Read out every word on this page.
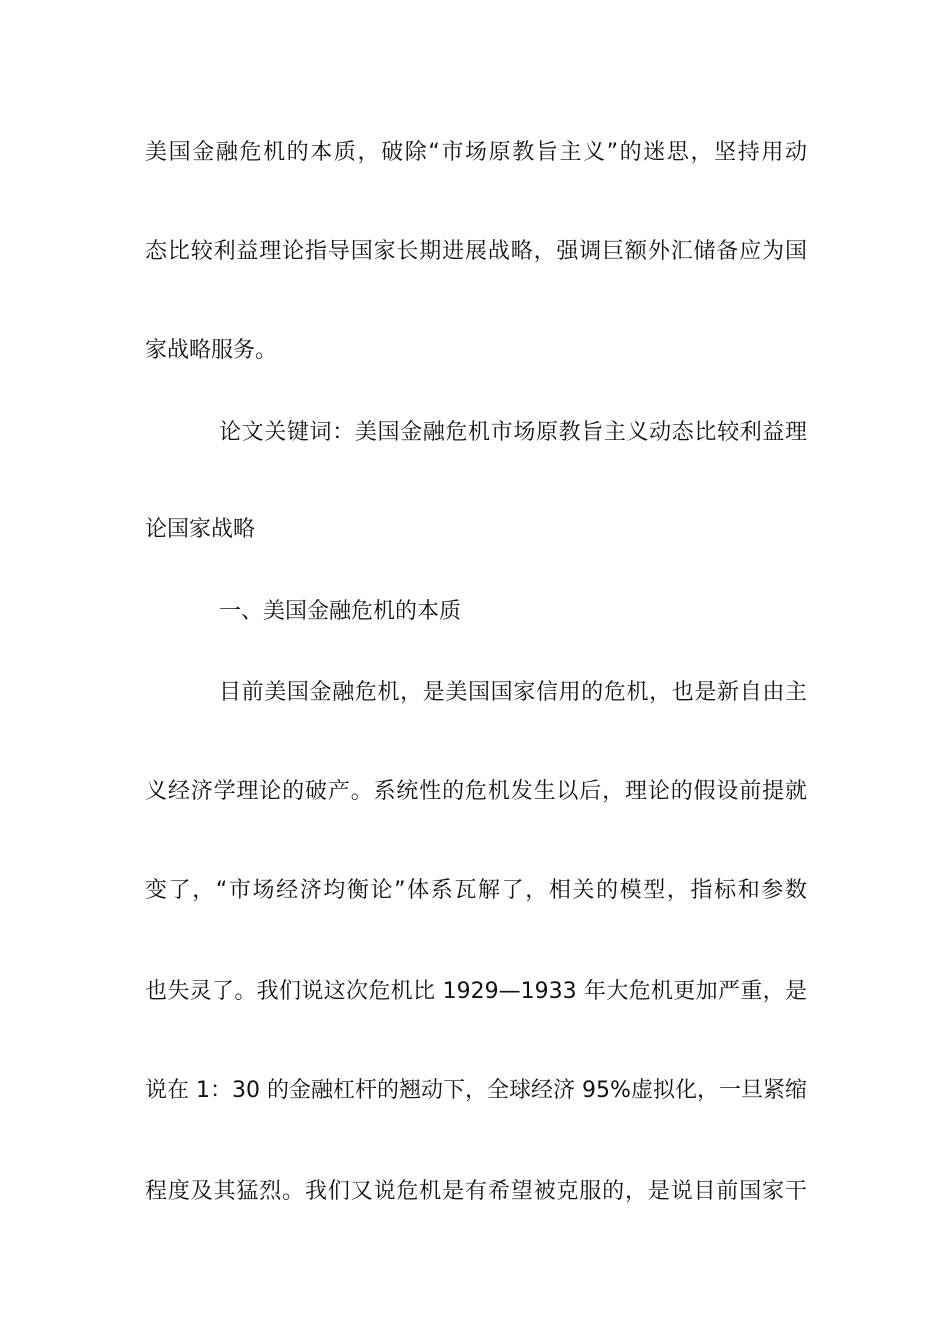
美国金融危机的本质，破除“市场原教旨主义”的迷思，坚持用动
态比较利益理论指导国家长期进展战略，强调巨额外汇储备应为国
家战略服务。
论文关键词：美国金融危机市场原教旨主义动态比较利益理
论国家战略
一、美国金融危机的本质
目前美国金融危机，是美国国家信用的危机，也是新自由主
义经济学理论的破产。系统性的危机发生以后，理论的假设前提就
变了，“市场经济均衡论”体系瓦解了，相关的模型，指标和参数
也失灵了。我们说这次危机比 1929—1933 年大危机更加严重，是
说在 1：30 的金融杠杆的翘动下，全球经济 95%虚拟化，一旦紧缩
程度及其猛烈。我们又说危机是有希望被克服的，是说目前国家干
